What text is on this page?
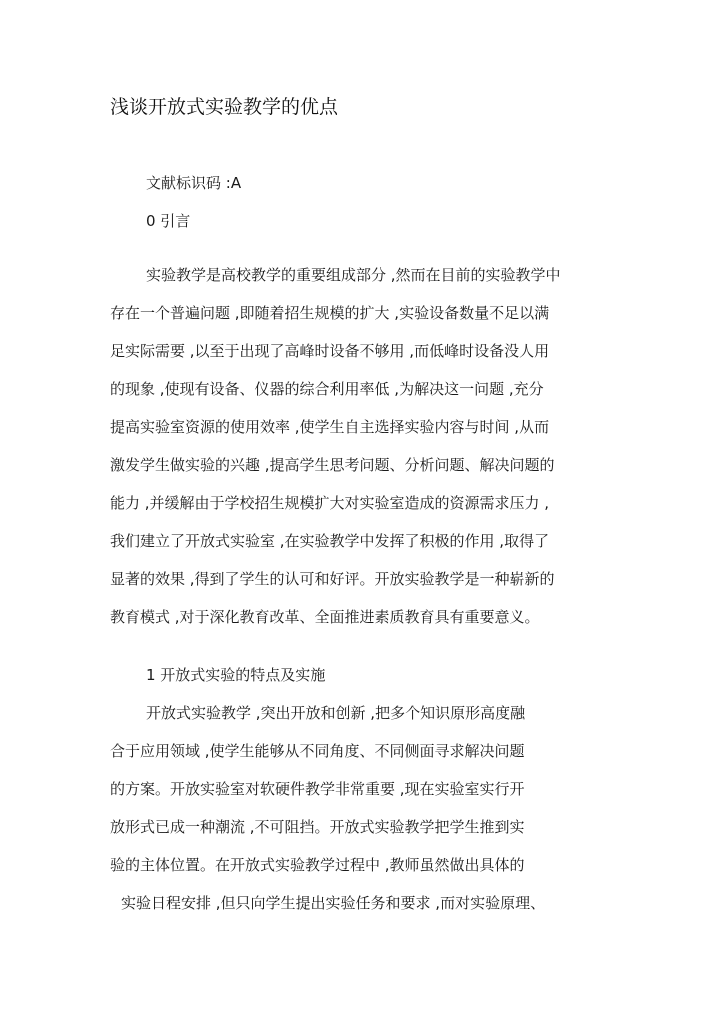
浅谈开放式实验教学的优点
文献标识码 :A
0 引言
实验教学是高校教学的重要组成部分 ,然而在目前的实验教学中
存在一个普遍问题 ,即随着招生规模的扩大 ,实验设备数量不足以满
足实际需要 ,以至于出现了高峰时设备不够用 ,而低峰时设备没人用
的现象 ,使现有设备、仪器的综合利用率低 ,为解决这一问题 ,充分
提高实验室资源的使用效率 ,使学生自主选择实验内容与时间 ,从而
激发学生做实验的兴趣 ,提高学生思考问题、分析问题、解决问题的
能力 ,并缓解由于学校招生规模扩大对实验室造成的资源需求压力 ,
我们建立了开放式实验室 ,在实验教学中发挥了积极的作用 ,取得了
显著的效果 ,得到了学生的认可和好评。开放实验教学是一种崭新的
教育模式 ,对于深化教育改革、全面推进素质教育具有重要意义。
1 开放式实验的特点及实施
开放式实验教学 ,突出开放和创新 ,把多个知识原形高度融
合于应用领域 ,使学生能够从不同角度、不同侧面寻求解决问题
的方案。开放实验室对软硬件教学非常重要 ,现在实验室实行开
放形式已成一种潮流 ,不可阻挡。开放式实验教学把学生推到实
验的主体位置。在开放式实验教学过程中 ,教师虽然做出具体的
实验日程安排 ,但只向学生提出实验任务和要求 ,而对实验原理、
